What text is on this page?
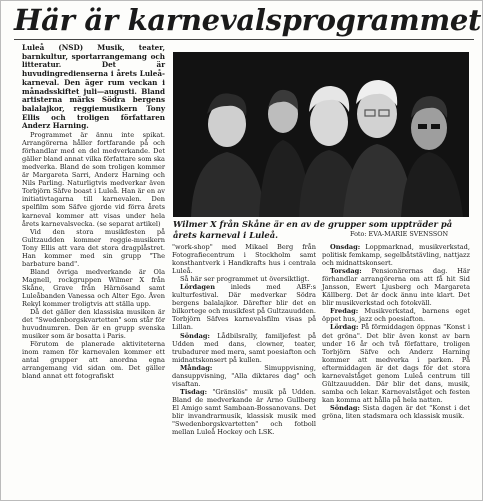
Här är karnevalsprogrammet

Luleå (NSD) Musik, teater, barnkultur, sportarrangemang och litteratur. Det är huvudingredienserna i årets Luleå-karneval. Den äger rum veckan i månadsskiftet juli—augusti. Bland artisterna märks Södra bergens balalajkor, reggiemusikern Tony Ellis och troligen författaren Anderz Harning.

Programmet är ännu inte spikat. Arrangörerna håller fortfarande på och förhandlar med en del medverkande. Det gäller bland annat vilka författare som ska medverka. Bland de som troligen kommer är Margareta Sarri, Anderz Harning och Nils Parling. Naturligtvis medverkar även Torbjörn Säfve boast i Luleå. Han är en av initiativtagarna till karnevalen. Den spelfilm som Säfve gjorde vid förra årets karneval kommer att visas under hela årets karnevalsvecka. (se separat artikel)

Vid den stora musikfesten på Gultzaudden kommer reggie-musikern Tony Ellis att vara det stora dragplåstret. Han kommer med sin grupp "The barbature band".

Bland övriga medverkande är Ola Magnell, rockgruppen Wilmer X från Skåne, Grave från Härnösand samt Luleåbanden Vanessa och Alter Ego. Även Rekyl kommer troligtvis att ställa upp.

Då det gäller den klassiska musiken är det "Swedenborgskvartetten" som står för huvudnumren. Den är en grupp svenska musiker som är bosatta i Paris.

Förutom de planerade aktiviteterna inom ramen för karnevalen kommer ett antal grupper att anordna egna arrangemang vid sidan om. Det gäller bland annat ett fotografiskt

Wilmer X från Skåne är en av de grupper som uppträder på årets karneval i Luleå.	Foto: EVA-MARIE SVENSSON

"work-shop" med Mikael Berg från Fotografiecentrum i Stockholm samt konsthantverk i Handkrafts hus i centrala Luleå.

Så här ser programmet ut översiktligt.

Lördagen inleds med ABF:s kulturfestival. Där medverkar Södra bergens balalajkor. Därefter blir det en bilkortege och musikfest på Gultzauudden. Torbjörn Säfves karnevalsfilm visas på Lillan.

Söndag: Lådbilsrally, familjefest på Udden med dans, clowner, teater, trubadurer med mera, samt poesiafton och midnattskonsert på kullen.

Måndag: Simuppvisning, dansuppvisning, "Alla diktares dag" och visaftan.

Tisdag: "Gränslös" musik på Udden. Bland de medverkande är Arno Gullberg El Amigo samt Sambaan-Bossanovans. Det blir invandrarmusik, klassisk musik med "Swedenborgskvartetten" och fotboll mellan Luleå Hockey och LSK.

Onsdag: Loppmarknad, musikverkstad, politisk femkamp, segelbåtstävling, nattjazz och midnattskonsert.

Torsdag: Pensionärernas dag. Här förhandlar arrangörerna om att få hit Sid Jansson, Ewert Ljusberg och Margareta Källberg. Det är dock ännu inte klart. Det blir musikverkstad och fotokväll.

Fredag: Musikverkstad, barnens eget öppet hus, jazz och poesiafton.

Lördag: På förmiddagen öppnas "Konst i det gröna". Det blir även konst av barn under 16 år och två författare, troligen Torbjörn Säfve och Anderz Harning kommer att medverka i parken. På eftermiddagen är det dags för det stora karnevalståget genom Luleå centrum till Gültzauudden. Där blir det dans, musik, samba och lekar. Karnevalståget och festen kan komma att hålla på hela natten.

Söndag: Sista dagen är det "Konst i det gröna, liten stadsmara och klassisk musik.
